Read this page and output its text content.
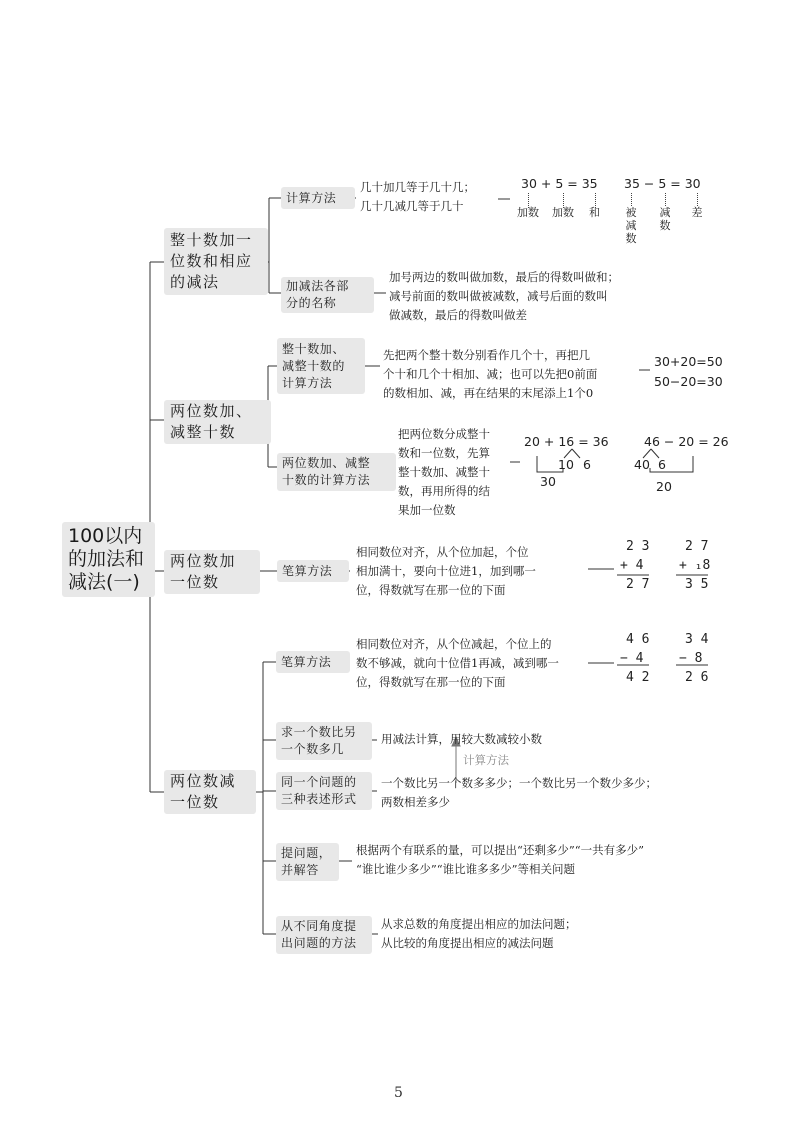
100以内
的加法和
减法(一)
整十数加一
位数和相应
的减法
计算方法
几十加几等于几十几；
几十几减几等于几十
30 + 5 = 35
加数 加数 和
35 − 5 = 30
被减数
减数
差
加减法各部
分的名称
加号两边的数叫做加数，最后的得数叫做和；
减号前面的数叫做被减数，减号后面的数叫
做减数，最后的得数叫做差
两位数加、
减整十数
整十数加、
减整十数的
计算方法
先把两个整十数分别看作几个十，再把几
个十和几个十相加、减；也可以先把0前面
的数相加、减，再在结果的末尾添上1个0
30+20=50
50−20=30
两位数加、减整
十数的计算方法
把两位数分成整十
数和一位数，先算
整十数加、减整十
数，再用所得的结
果加一位数
20 + 16 = 36
10 6
30
46 − 20 = 26
40 6
20
两位数加
一位数
笔算方法
相同数位对齐，从个位加起，个位
相加满十，要向十位进1，加到哪一
位，得数就写在那一位的下面
2 3
+ 4
2 7
2 7
+ ₁8
3 5
两位数减
一位数
笔算方法
相同数位对齐，从个位减起，个位上的
数不够减，就向十位借1再减，减到哪一
位，得数就写在那一位的下面
4 6
− 4
4 2
3 4
− 8
2 6
求一个数比另
一个数多几
用减法计算，用较大数减较小数
计算方法
同一个问题的
三种表述形式
一个数比另一个数多多少；一个数比另一个数少多少；
两数相差多少
提问题，
并解答
根据两个有联系的量，可以提出“还剩多少”“一共有多少”
“谁比谁少多少”“谁比谁多多少”等相关问题
从不同角度提
出问题的方法
从求总数的角度提出相应的加法问题；
从比较的角度提出相应的减法问题
5
